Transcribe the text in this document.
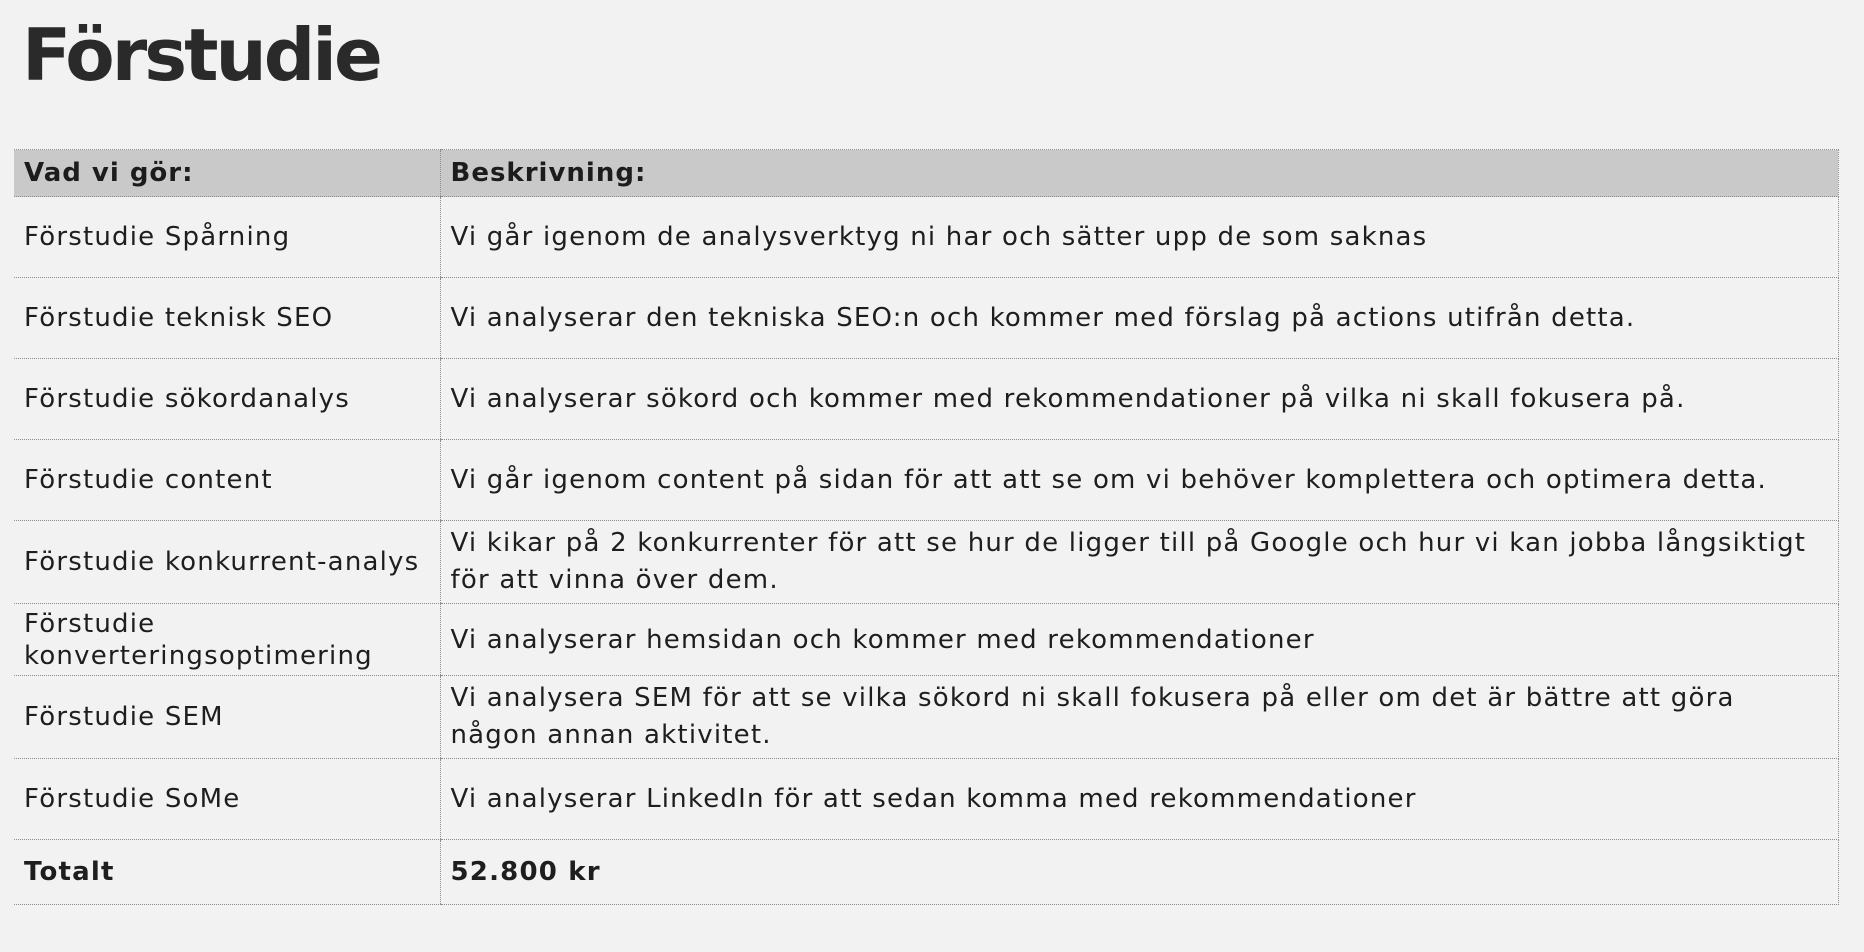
Förstudie
Vad vi gör:	Beskrivning:
Förstudie Spårning	Vi går igenom de analysverktyg ni har och sätter upp de som saknas
Förstudie teknisk SEO	Vi analyserar den tekniska SEO:n och kommer med förslag på actions utifrån detta.
Förstudie sökordanalys	Vi analyserar sökord och kommer med rekommendationer på vilka ni skall fokusera på.
Förstudie content	Vi går igenom content på sidan för att att se om vi behöver komplettera och optimera detta.
Förstudie konkurrent-analys	Vi kikar på 2 konkurrenter för att se hur de ligger till på Google och hur vi kan jobba långsiktigt för att vinna över dem.
Förstudie konverteringsoptimering	Vi analyserar hemsidan och kommer med rekommendationer
Förstudie SEM	Vi analysera SEM för att se vilka sökord ni skall fokusera på eller om det är bättre att göra någon annan aktivitet.
Förstudie SoMe	Vi analyserar LinkedIn för att sedan komma med rekommendationer
Totalt	52.800 kr
